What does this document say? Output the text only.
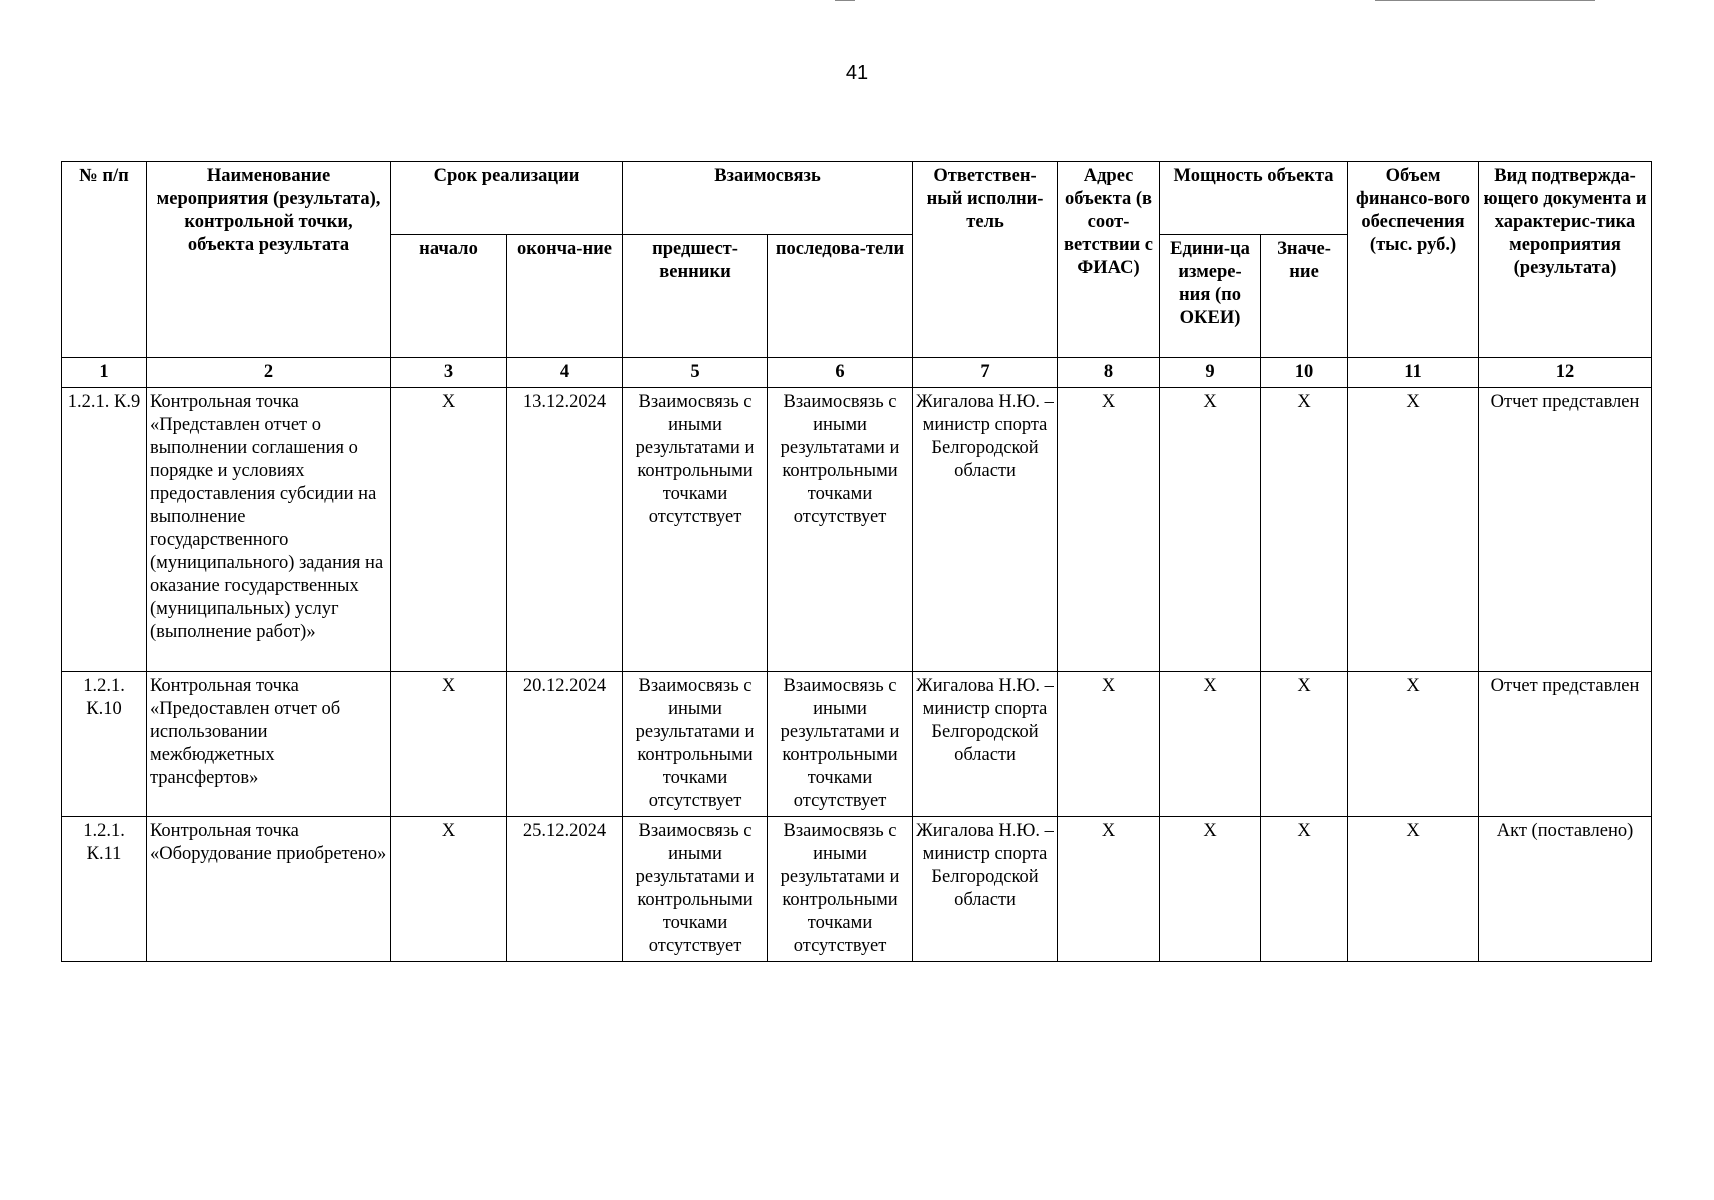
41
№ п/п	Наименование мероприятия (результата), контрольной точки, объекта результата	Срок реализации		Взаимосвязь		Ответствен-ный исполни-тель	Адрес объекта (в соот-ветствии с ФИАС)	Мощность объекта		Объем финансо-вого обеспечения (тыс. руб.)	Вид подтвержда-ющего документа и характерис-тика мероприятия (результата)
		начало	оконча-ние	предшест-венники	последова-тели			Едини-ца измере-ния (по ОКЕИ)	Значе-ние		
1	2	3	4	5	6	7	8	9	10	11	12
1.2.1. К.9	Контрольная точка «Представлен отчет о выполнении соглашения о порядке и условиях предоставления субсидии на выполнение государственного (муниципального) задания на оказание государственных (муниципальных) услуг (выполнение работ)»	X	13.12.2024	Взаимосвязь с иными результатами и контрольными точками отсутствует	Взаимосвязь с иными результатами и контрольными точками отсутствует	Жигалова Н.Ю. – министр спорта Белгородской области	X	X	X	X	Отчет представлен
1.2.1. К.10	Контрольная точка «Предоставлен отчет об использовании межбюджетных трансфертов»	X	20.12.2024	Взаимосвязь с иными результатами и контрольными точками отсутствует	Взаимосвязь с иными результатами и контрольными точками отсутствует	Жигалова Н.Ю. – министр спорта Белгородской области	X	X	X	X	Отчет представлен
1.2.1. К.11	Контрольная точка «Оборудование приобретено»	X	25.12.2024	Взаимосвязь с иными результатами и контрольными точками отсутствует	Взаимосвязь с иными результатами и контрольными точками отсутствует	Жигалова Н.Ю. – министр спорта Белгородской области	X	X	X	X	Акт (поставлено)
